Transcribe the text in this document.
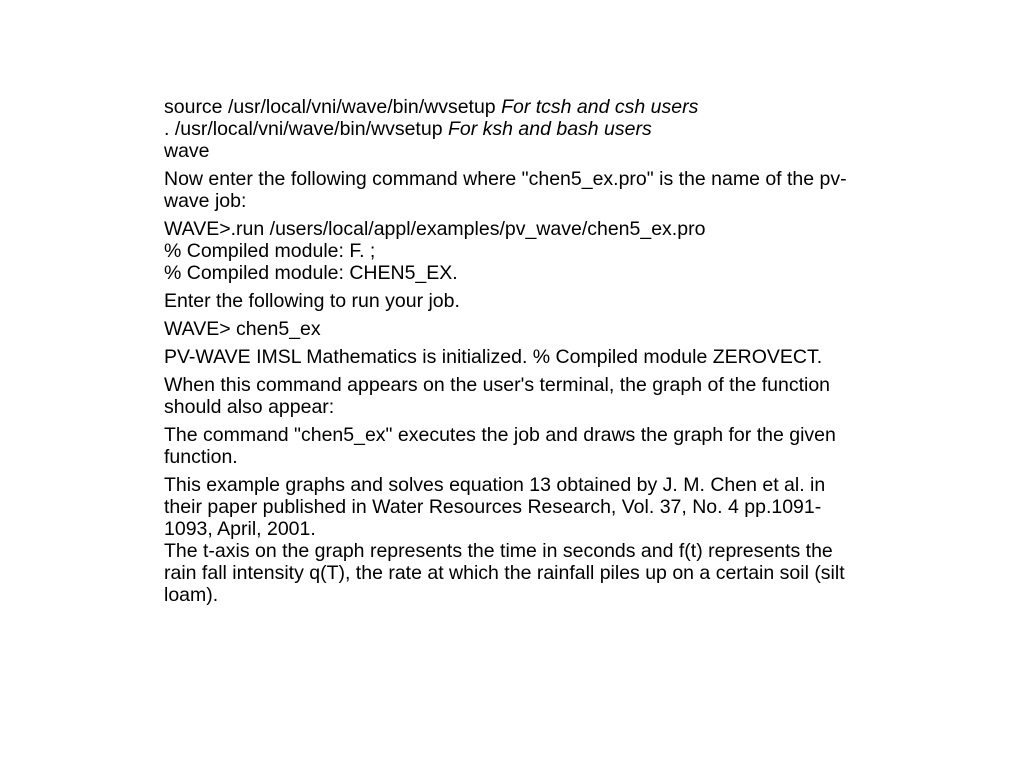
source /usr/local/vni/wave/bin/wvsetup For tcsh and csh users
. /usr/local/vni/wave/bin/wvsetup For ksh and bash users
wave
Now enter the following command where "chen5_ex.pro" is the name of the pv-wave job:
WAVE>.run /users/local/appl/examples/pv_wave/chen5_ex.pro
% Compiled module: F. ;
% Compiled module: CHEN5_EX.
Enter the following to run your job.
WAVE> chen5_ex
PV-WAVE IMSL Mathematics is initialized. % Compiled module ZEROVECT.
When this command appears on the user's terminal, the graph of the function should also appear:
The command "chen5_ex" executes the job and draws the graph for the given function.
This example graphs and solves equation 13 obtained by J. M. Chen et al. in their paper published in Water Resources Research, Vol. 37, No. 4 pp.1091-1093, April, 2001.
The t-axis on the graph represents the time in seconds and f(t) represents the rain fall intensity q(T), the rate at which the rainfall piles up on a certain soil (silt loam).
